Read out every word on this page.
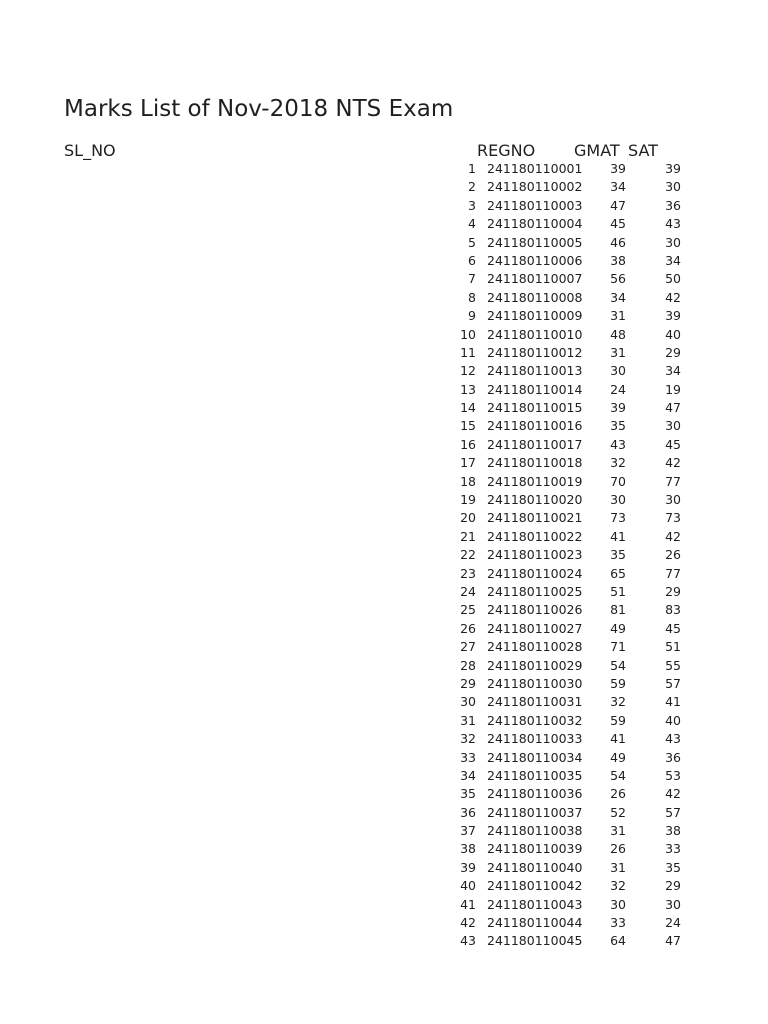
Marks List of Nov-2018 NTS Exam
SL_NO	REGNO GMAT SAT
1 241180110001 39	39
2 241180110002 34	30
3 241180110003 47	36
4 241180110004 45	43
5 241180110005 46	30
6 241180110006 38	34
7 241180110007 56	50
8 241180110008 34	42
9 241180110009 31	39
10 241180110010 48	40
11 241180110012 31	29
12 241180110013 30	34
13 241180110014 24	19
14 241180110015 39	47
15 241180110016 35	30
16 241180110017 43	45
17 241180110018 32	42
18 241180110019 70	77
19 241180110020 30	30
20 241180110021 73	73
21 241180110022 41	42
22 241180110023 35	26
23 241180110024 65	77
24 241180110025 51	29
25 241180110026 81	83
26 241180110027 49	45
27 241180110028 71	51
28 241180110029 54	55
29 241180110030 59	57
30 241180110031 32	41
31 241180110032 59	40
32 241180110033 41	43
33 241180110034 49	36
34 241180110035 54	53
35 241180110036 26	42
36 241180110037 52	57
37 241180110038 31	38
38 241180110039 26	33
39 241180110040 31	35
40 241180110042 32	29
41 241180110043 30	30
42 241180110044 33	24
43 241180110045 64	47
